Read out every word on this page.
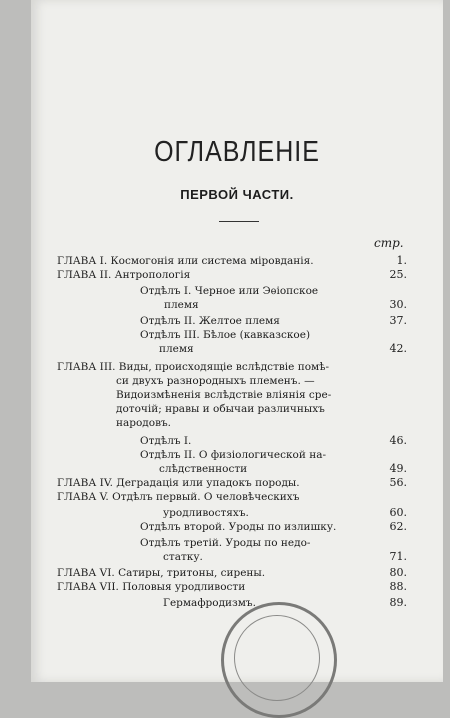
ОГЛАВЛЕНІЕ
ПЕРВОЙ ЧАСТИ.
стр.
ГЛАВА I. Космогонія или система міровданія.	1.
ГЛАВА II. Антропологія	25.
Отдѣлъ I. Черное или Эѳіопское
племя	30.
Отдѣлъ II. Желтое племя	37.
Отдѣлъ III. Бѣлое (кавказское)
племя	42.
ГЛАВА III. Виды, происходящіе вслѣдствіе помѣ-
си двухъ разнородныхъ племенъ. —
Видоизмѣненія вслѣдствіе вліянія сре-
доточій; нравы и обычаи различныхъ
народовъ.
Отдѣлъ I.	46.
Отдѣлъ II. О физіологической на-
слѣдственности	49.
ГЛАВА IV. Деградація или упадокъ породы.	56.
ГЛАВА V. Отдѣлъ первый. О человѣческихъ
уродливостяхъ.	60.
Отдѣлъ второй. Уроды по излишку.	62.
Отдѣлъ третій. Уроды по недо-
статку.	71.
ГЛАВА VI. Сатиры, тритоны, сирены.	80.
ГЛАВА VII. Половыя уродливости	88.
Гермафродизмъ.	89.
